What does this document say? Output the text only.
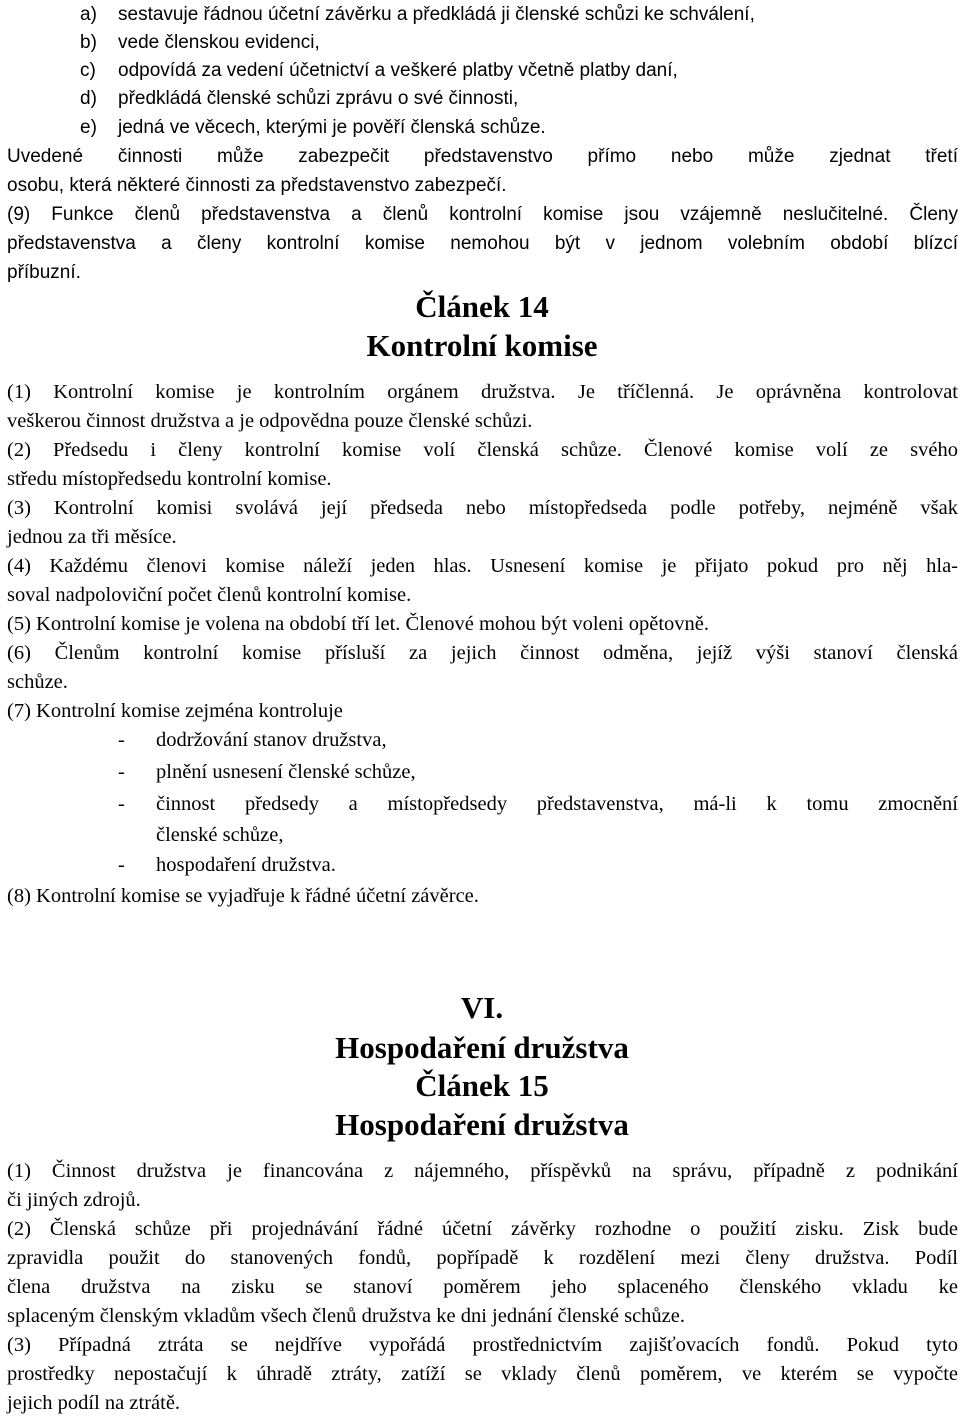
a) sestavuje řádnou účetní závěrku a předkládá ji členské schůzi ke schválení,
b) vede členskou evidenci,
c) odpovídá za vedení účetnictví a veškeré platby včetně platby daní,
d) předkládá členské schůzi zprávu o své činnosti,
e) jedná ve věcech, kterými je pověří členská schůze.
Uvedené činnosti může zabezpečit představenstvo přímo nebo může zjednat třetí
osobu, která některé činnosti za představenstvo zabezpečí.
(9) Funkce členů představenstva a členů kontrolní komise jsou vzájemně neslučitelné. Členy
představenstva a členy kontrolní komise nemohou být v jednom volebním období blízcí
příbuzní.
Článek 14
Kontrolní komise
(1) Kontrolní komise je kontrolním orgánem družstva. Je tříčlenná. Je oprávněna kontrolovat
veškerou činnost družstva a je odpovědna pouze členské schůzi.
(2) Předsedu i členy kontrolní komise volí členská schůze. Členové komise volí ze svého
středu místopředsedu kontrolní komise.
(3) Kontrolní komisi svolává její předseda nebo místopředseda podle potřeby, nejméně však
jednou za tři měsíce.
(4) Každému členovi komise náleží jeden hlas. Usnesení komise je přijato pokud pro něj hla-
soval nadpoloviční počet členů kontrolní komise.
(5) Kontrolní komise je volena na období tří let. Členové mohou být voleni opětovně.
(6) Členům kontrolní komise přísluší za jejich činnost odměna, jejíž výši stanoví členská
schůze.
(7) Kontrolní komise zejména kontroluje
- dodržování stanov družstva,
- plnění usnesení členské schůze,
- činnost předsedy a místopředsedy představenstva, má-li k tomu zmocnění
členské schůze,
- hospodaření družstva.
(8) Kontrolní komise se vyjadřuje k řádné účetní závěrce.
VI.
Hospodaření družstva
Článek 15
Hospodaření družstva
(1) Činnost družstva je financována z nájemného, příspěvků na správu, případně z podnikání
či jiných zdrojů.
(2) Členská schůze při projednávání řádné účetní závěrky rozhodne o použití zisku. Zisk bude
zpravidla použit do stanovených fondů, popřípadě k rozdělení mezi členy družstva. Podíl
člena družstva na zisku se stanoví poměrem jeho splaceného členského vkladu ke
splaceným členským vkladům všech členů družstva ke dni jednání členské schůze.
(3) Případná ztráta se nejdříve vypořádá prostřednictvím zajišťovacích fondů. Pokud tyto
prostředky nepostačují k úhradě ztráty, zatíží se vklady členů poměrem, ve kterém se vypočte
jejich podíl na ztrátě.
